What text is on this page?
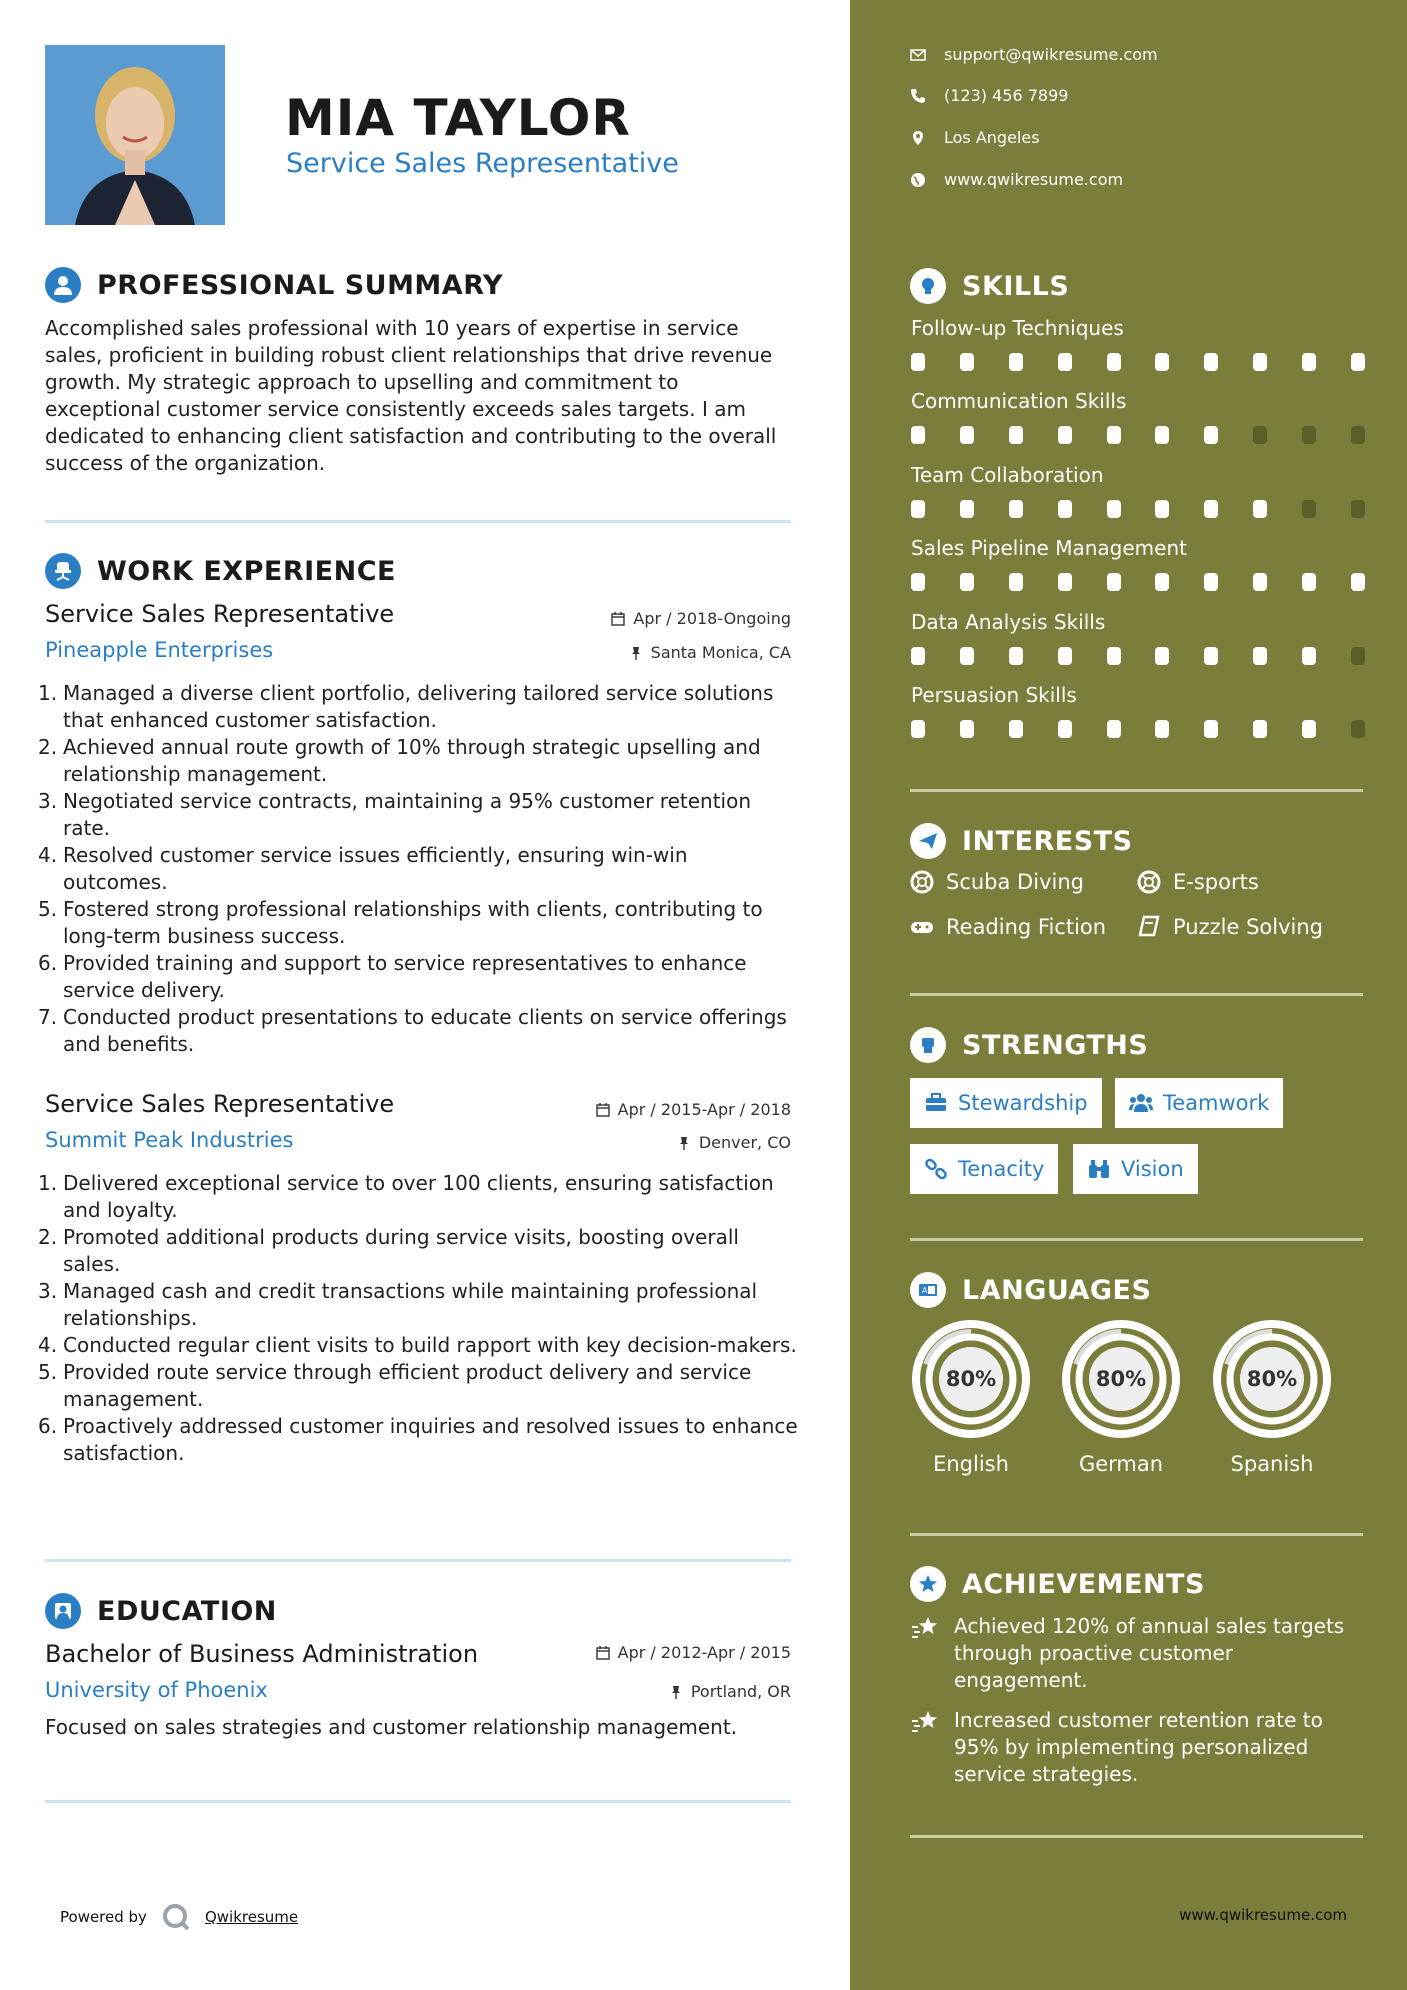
MIA TAYLOR
Service Sales Representative
PROFESSIONAL SUMMARY

Accomplished sales professional with 10 years of expertise in service sales, proficient in building robust client relationships that drive revenue growth. My strategic approach to upselling and commitment to exceptional customer service consistently exceeds sales targets. I am dedicated to enhancing client satisfaction and contributing to the overall success of the organization.

WORK EXPERIENCE
Service Sales Representative	Apr / 2018-Ongoing
Pineapple Enterprises	Santa Monica, CA
1. Managed a diverse client portfolio, delivering tailored service solutions that enhanced customer satisfaction.
2. Achieved annual route growth of 10% through strategic upselling and relationship management.
3. Negotiated service contracts, maintaining a 95% customer retention rate.
4. Resolved customer service issues efficiently, ensuring win-win outcomes.
5. Fostered strong professional relationships with clients, contributing to long-term business success.
6. Provided training and support to service representatives to enhance service delivery.
7. Conducted product presentations to educate clients on service offerings and benefits.
Service Sales Representative	Apr / 2015-Apr / 2018
Summit Peak Industries	Denver, CO
1. Delivered exceptional service to over 100 clients, ensuring satisfaction and loyalty.
2. Promoted additional products during service visits, boosting overall sales.
3. Managed cash and credit transactions while maintaining professional relationships.
4. Conducted regular client visits to build rapport with key decision-makers.
5. Provided route service through efficient product delivery and service management.
6. Proactively addressed customer inquiries and resolved issues to enhance satisfaction.
EDUCATION
Bachelor of Business Administration	Apr / 2012-Apr / 2015
University of Phoenix	Portland, OR

Focused on sales strategies and customer relationship management.

Powered by	Qwikresume
support@qwikresume.com
(123) 456 7899
Los Angeles
www.qwikresume.com
SKILLS
Follow-up Techniques
Communication Skills
Team Collaboration
Sales Pipeline Management
Data Analysis Skills
Persuasion Skills
INTERESTS
Scuba Diving	E-sports
Reading Fiction	Puzzle Solving
STRENGTHS
Stewardship	Teamwork
Tenacity	Vision
A LANGUAGES
80%
English
80%
German
80%
Spanish
ACHIEVEMENTS
Achieved 120% of annual sales targets through proactive customer engagement.
Increased customer retention rate to 95% by implementing personalized service strategies.
www.qwikresume.com
